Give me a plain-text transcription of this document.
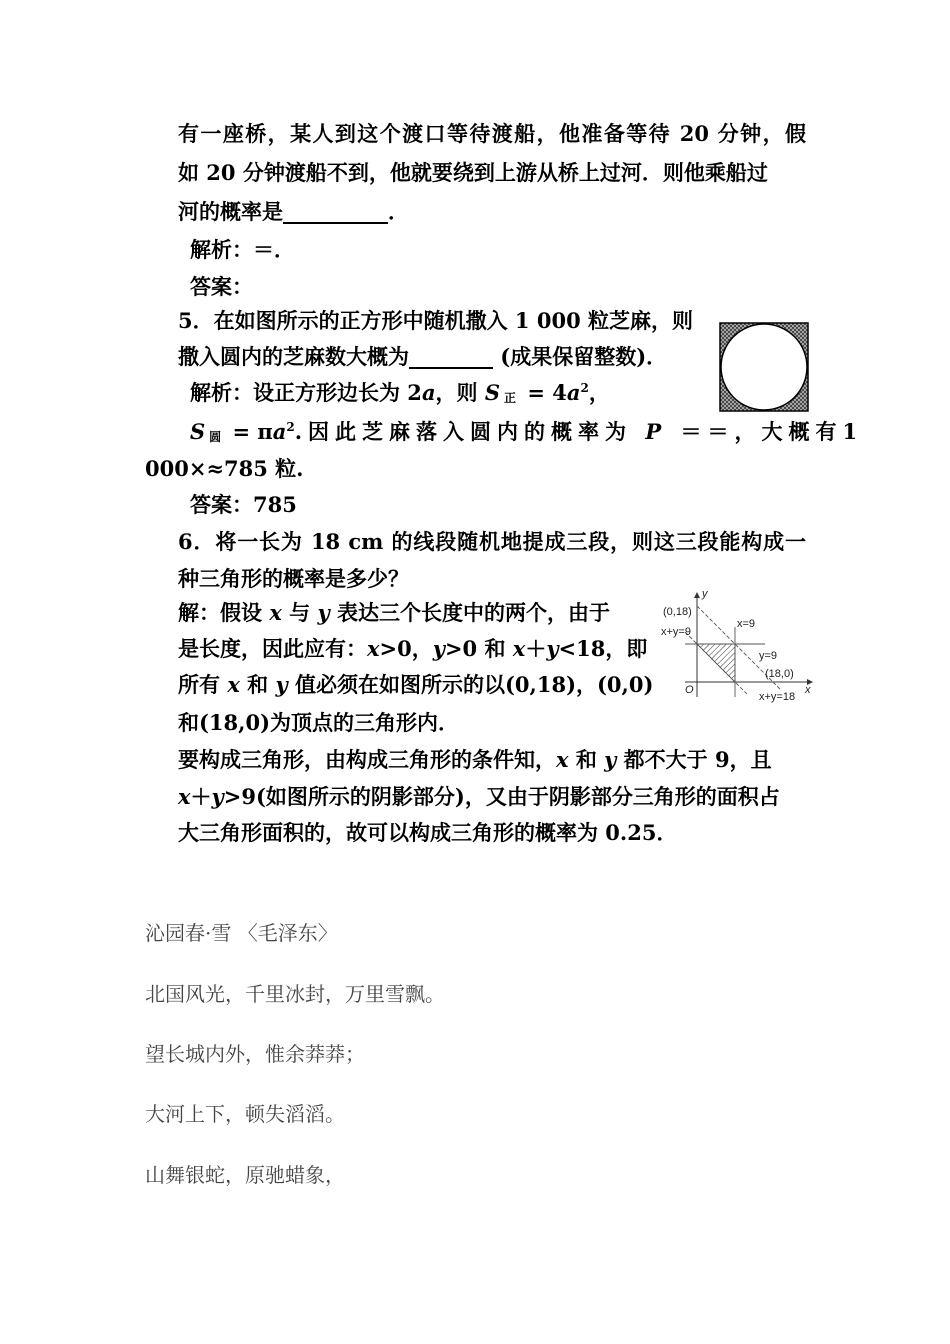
有一座桥，某人到这个渡口等待渡船，他准备等待 20 分钟，假
如 20 分钟渡船不到，他就要绕到上游从桥上过河．则他乘船过
河的概率是__________．
解析：＝．
答案：
5．在如图所示的正方形中随机撒入 1 000 粒芝麻，则
撒入圆内的芝麻数大概为________ (成果保留整数)．
解析：设正方形边长为 2a，则 S 正 = $4a^2$，
S圆 = $\pi a^2$ .因此芝麻落入圆内的概率为 P ＝＝，大概有1
000×≈785 粒.
答案：785
6．将一长为 18 cm 的线段随机地提成三段，则这三段能构成一
种三角形的概率是多少？
解：假设 x 与 y 表达三个长度中的两个，由于
是长度，因此应有：x>0，y>0 和 x＋y<18，即
所有 x 和 y 值必须在如图所示的以(0,18)，(0,0)
和(18,0)为顶点的三角形内．
要构成三角形，由构成三角形的条件知，x 和 y 都不大于 9，且
x＋y>9(如图所示的阴影部分)，又由于阴影部分三角形的面积占
大三角形面积的，故可以构成三角形的概率为 0.25．
y
x
O
(0,18)
x+y=9
x=9
y=9
(18,0)
x+y=18
沁园春·雪 〈毛泽东〉
北国风光，千里冰封，万里雪飘。
望长城内外，惟余莽莽；
大河上下，顿失滔滔。
山舞银蛇，原驰蜡象，
